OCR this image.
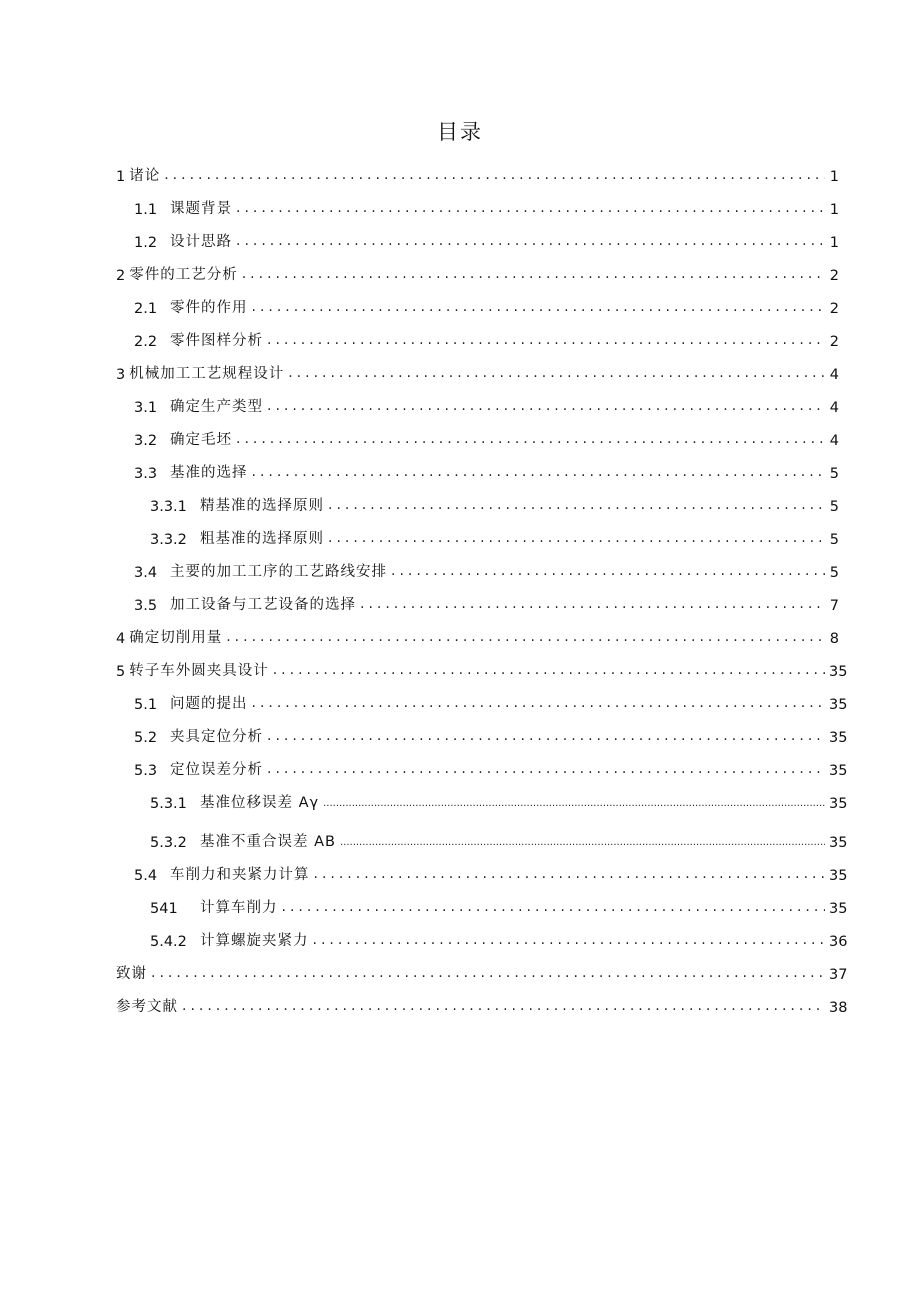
目录
1 诸论 .....	1
1.1 课题背景 .....	1
1.2 设计思路 .....	1
2 零件的工艺分析 .....	2
2.1 零件的作用 .....	2
2.2 零件图样分析 .....	2
3 机械加工工艺规程设计 .....	4
3.1 确定生产类型 .....	4
3.2 确定毛坯 .....	4
3.3 基准的选择 .....	5
3.3.1 精基准的选择原则 .....	5
3.3.2 粗基准的选择原则 .....	5
3.4 主要的加工工序的工艺路线安排 .....	5
3.5 加工设备与工艺设备的选择 .....	7
4 确定切削用量 .....	8
5 转子车外圆夹具设计 .....	35
5.1 问题的提出 .....	35
5.2 夹具定位分析 .....	35
5.3 定位误差分析 .....	35
5.3.1 基准位移误差 Aγ .....	35
5.3.2 基准不重合误差 AB .....	35
5.4 车削力和夹紧力计算 .....	35
541	计算车削力 .....	35
5.4.2 计算螺旋夹紧力 .....	36
致谢 .....	37
参考文献 .....	38
